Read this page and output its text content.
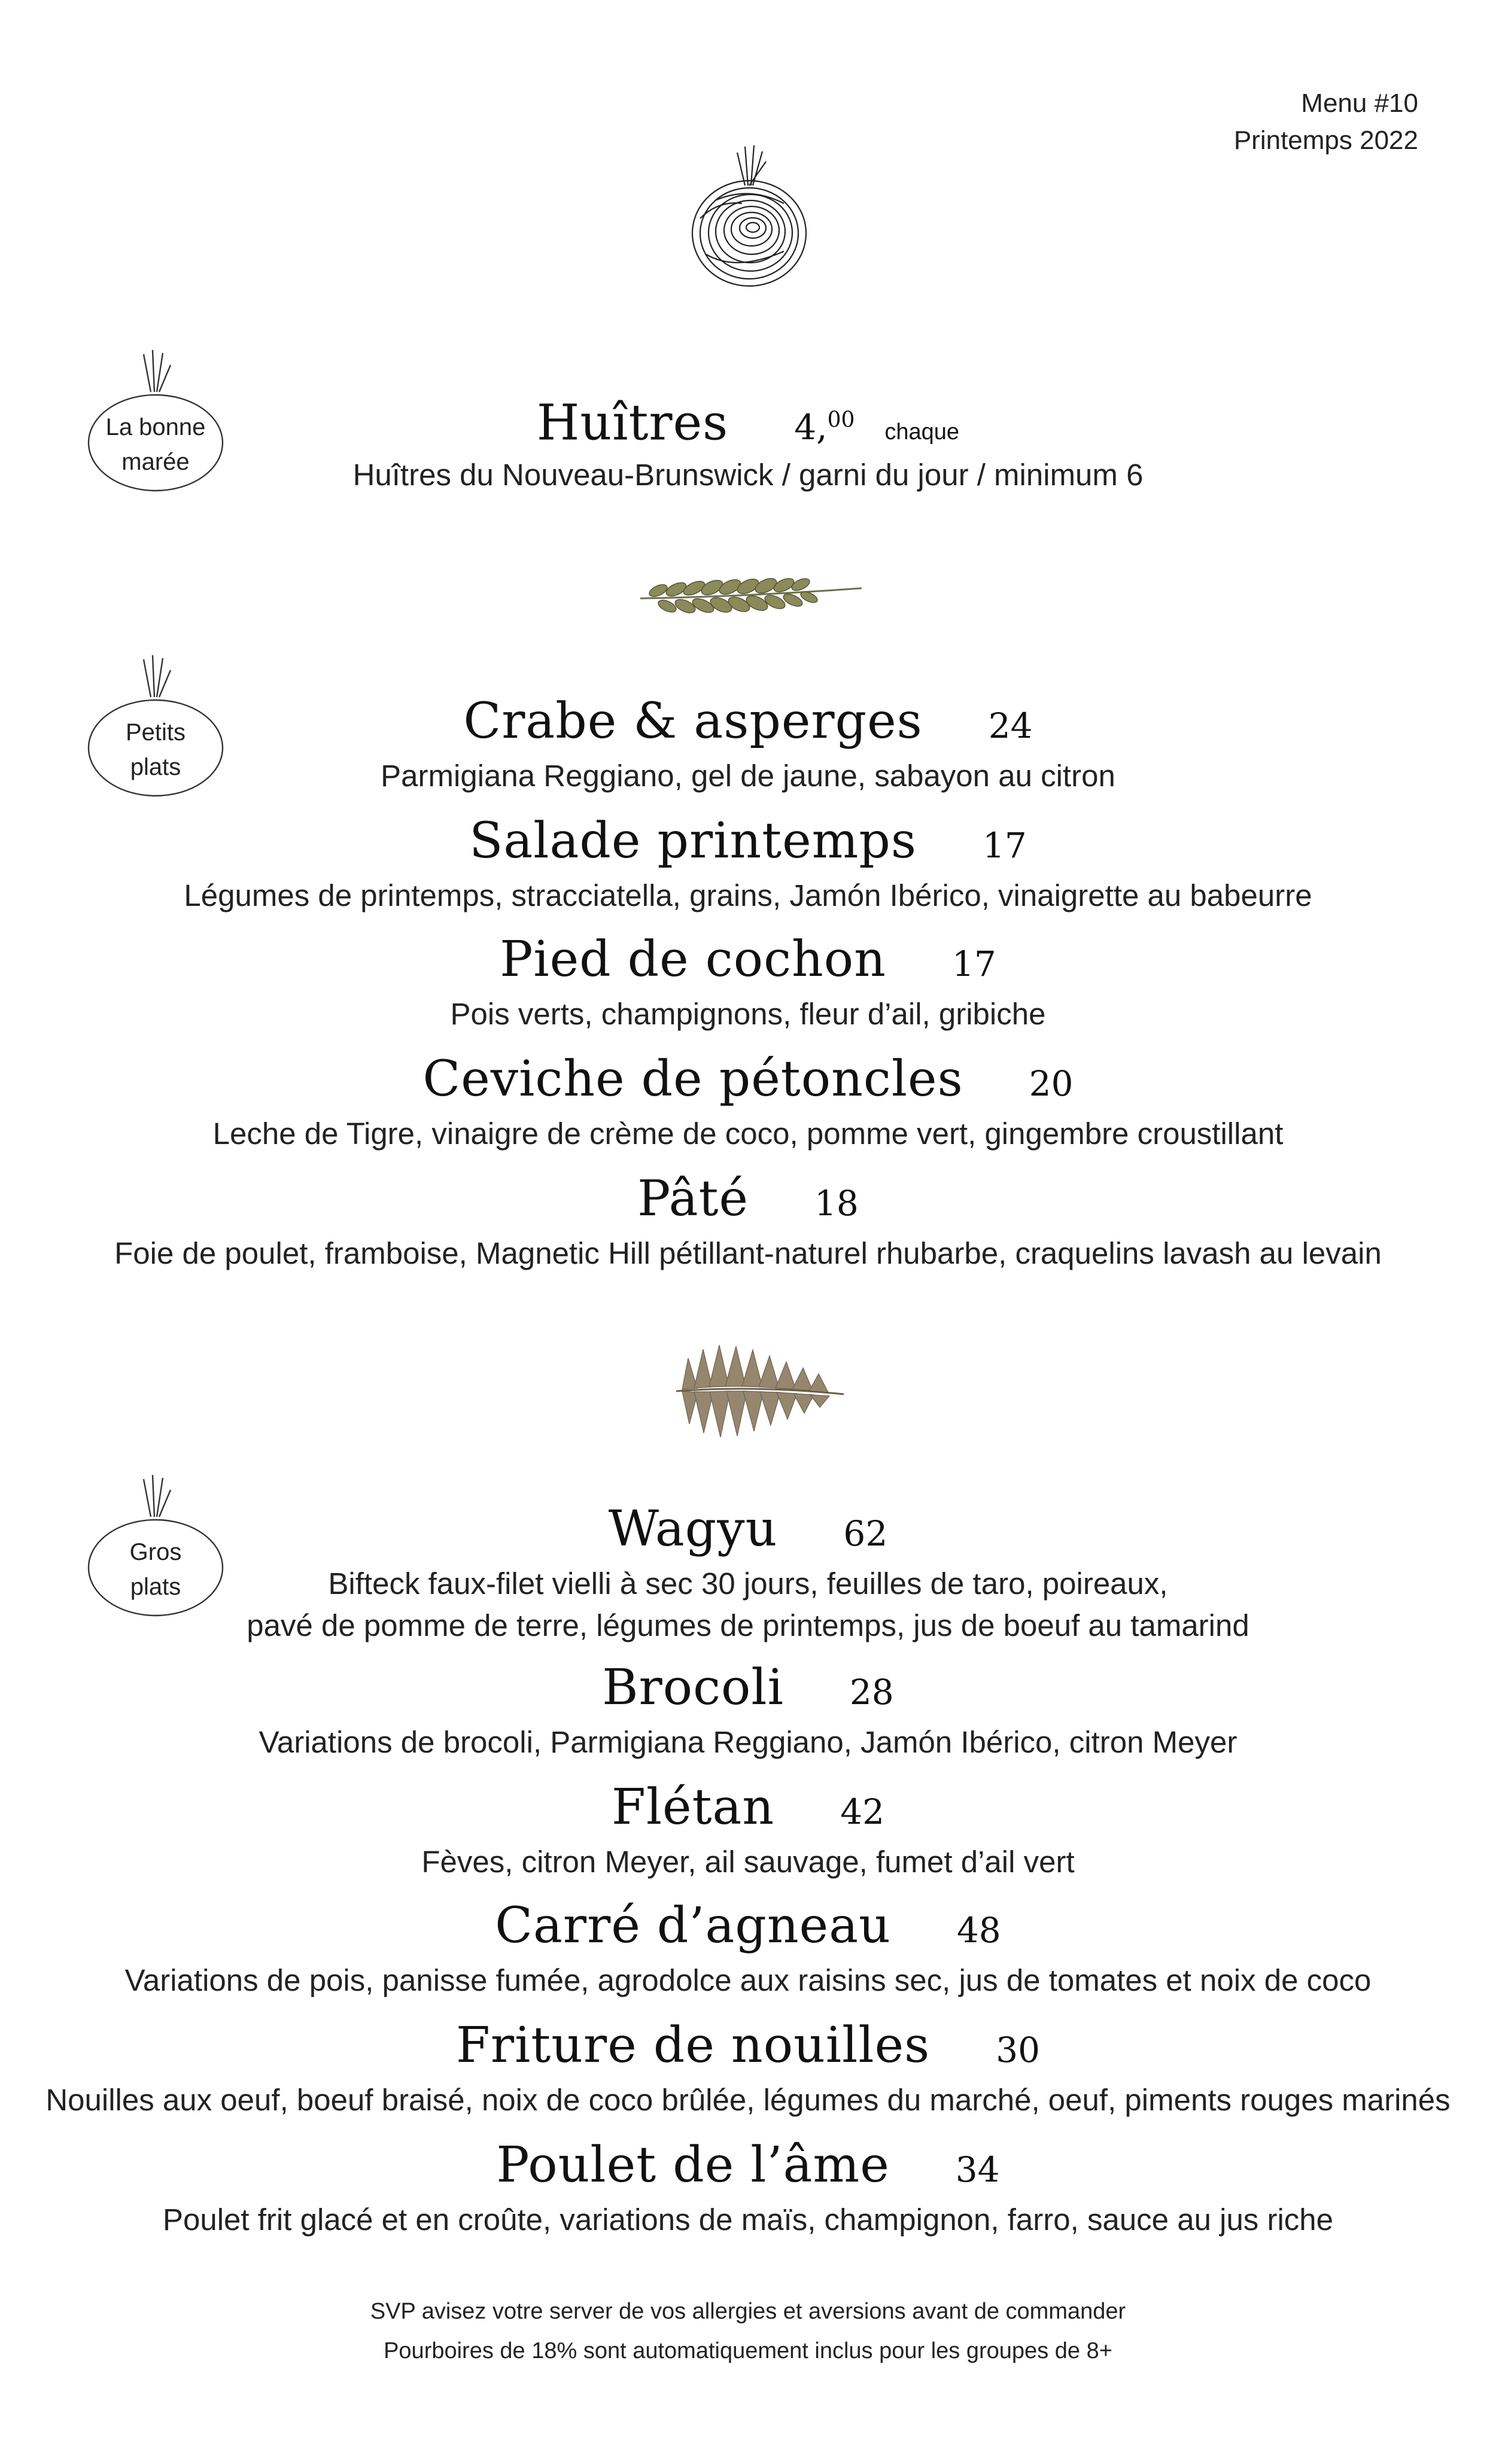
Menu #10
Printemps 2022
La bonne
marée
Petits
plats
Gros
plats
Huîtres 4,00 chaque
Huîtres du Nouveau-Brunswick / garni du jour / minimum 6
Crabe & asperges 24
Parmigiana Reggiano, gel de jaune, sabayon au citron
Salade printemps 17
Légumes de printemps, stracciatella, grains, Jamón Ibérico, vinaigrette au babeurre
Pied de cochon 17
Pois verts, champignons, fleur d’ail, gribiche
Ceviche de pétoncles 20
Leche de Tigre, vinaigre de crème de coco, pomme vert, gingembre croustillant
Pâté 18
Foie de poulet, framboise, Magnetic Hill pétillant-naturel rhubarbe, craquelins lavash au levain
Wagyu 62
Bifteck faux-filet vielli à sec 30 jours, feuilles de taro, poireaux,
pavé de pomme de terre, légumes de printemps, jus de boeuf au tamarind
Brocoli 28
Variations de brocoli, Parmigiana Reggiano, Jamón Ibérico, citron Meyer
Flétan 42
Fèves, citron Meyer, ail sauvage, fumet d’ail vert
Carré d’agneau 48
Variations de pois, panisse fumée, agrodolce aux raisins sec, jus de tomates et noix de coco
Friture de nouilles 30
Nouilles aux oeuf, boeuf braisé, noix de coco brûlée, légumes du marché, oeuf, piments rouges marinés
Poulet de l’âme 34
Poulet frit glacé et en croûte, variations de maïs, champignon, farro, sauce au jus riche
SVP avisez votre server de vos allergies et aversions avant de commander
Pourboires de 18% sont automatiquement inclus pour les groupes de 8+
